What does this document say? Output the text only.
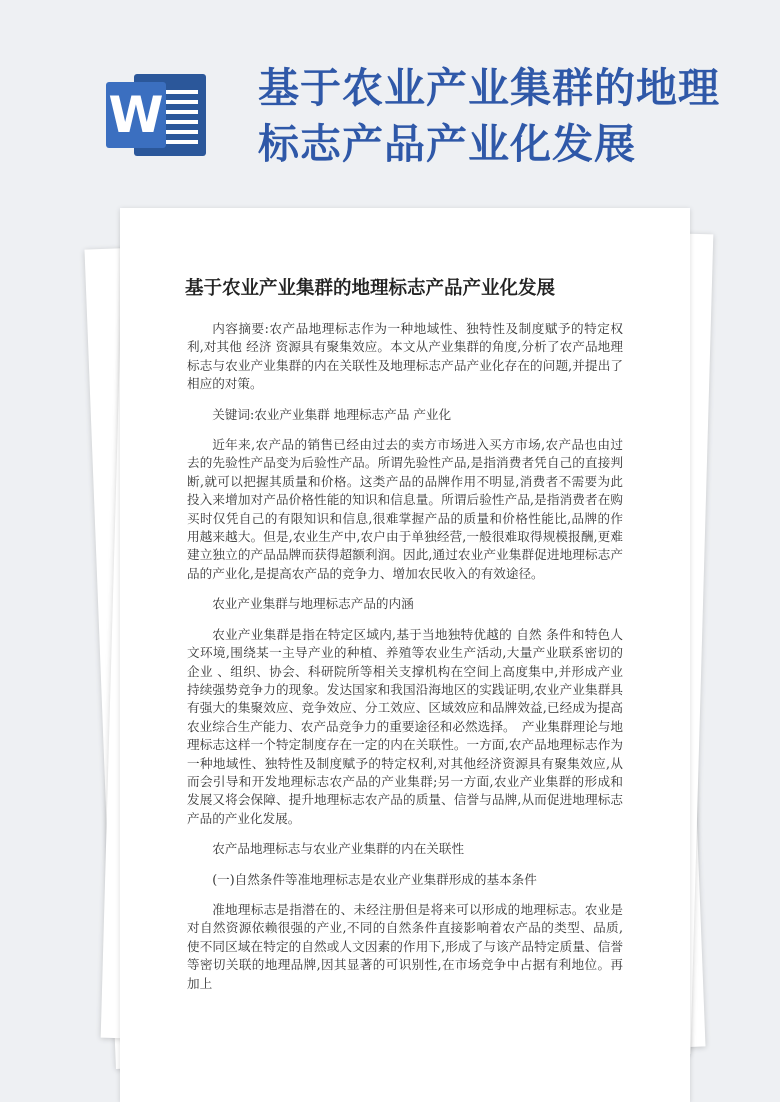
W 基于农业产业集群的地理标志产品产业化发展
基于农业产业集群的地理标志产品产业化发展

内容摘要:农产品地理标志作为一种地域性、独特性及制度赋予的特定权利,对其他 经济 资源具有聚集效应。本文从产业集群的角度,分析了农产品地理标志与农业产业集群的内在关联性及地理标志产品产业化存在的问题,并提出了相应的对策。

关键词:农业产业集群 地理标志产品 产业化

近年来,农产品的销售已经由过去的卖方市场进入买方市场,农产品也由过去的先验性产品变为后验性产品。所谓先验性产品,是指消费者凭自己的直接判断,就可以把握其质量和价格。这类产品的品牌作用不明显,消费者不需要为此投入来增加对产品价格性能的知识和信息量。所谓后验性产品,是指消费者在购买时仅凭自己的有限知识和信息,很难掌握产品的质量和价格性能比,品牌的作用越来越大。但是,农业生产中,农户由于单独经营,一般很难取得规模报酬,更难建立独立的产品品牌而获得超额利润。因此,通过农业产业集群促进地理标志产品的产业化,是提高农产品的竞争力、增加农民收入的有效途径。

农业产业集群与地理标志产品的内涵

农业产业集群是指在特定区域内,基于当地独特优越的 自然 条件和特色人文环境,围绕某一主导产业的种植、养殖等农业生产活动,大量产业联系密切的 企业 、组织、协会、科研院所等相关支撑机构在空间上高度集中,并形成产业持续强势竞争力的现象。发达国家和我国沿海地区的实践证明,农业产业集群具有强大的集聚效应、竞争效应、分工效应、区域效应和品牌效益,已经成为提高农业综合生产能力、农产品竞争力的重要途径和必然选择。　产业集群理论与地理标志这样一个特定制度存在一定的内在关联性。一方面,农产品地理标志作为一种地域性、独特性及制度赋予的特定权利,对其他经济资源具有聚集效应,从而会引导和开发地理标志农产品的产业集群;另一方面,农业产业集群的形成和发展又将会保障、提升地理标志农产品的质量、信誉与品牌,从而促进地理标志产品的产业化发展。

农产品地理标志与农业产业集群的内在关联性

(一)自然条件等准地理标志是农业产业集群形成的基本条件

准地理标志是指潜在的、未经注册但是将来可以形成的地理标志。农业是对自然资源依赖很强的产业,不同的自然条件直接影响着农产品的类型、品质,使不同区域在特定的自然或人文因素的作用下,形成了与该产品特定质量、信誉等密切关联的地理品牌,因其显著的可识别性,在市场竞争中占据有利地位。再加上
